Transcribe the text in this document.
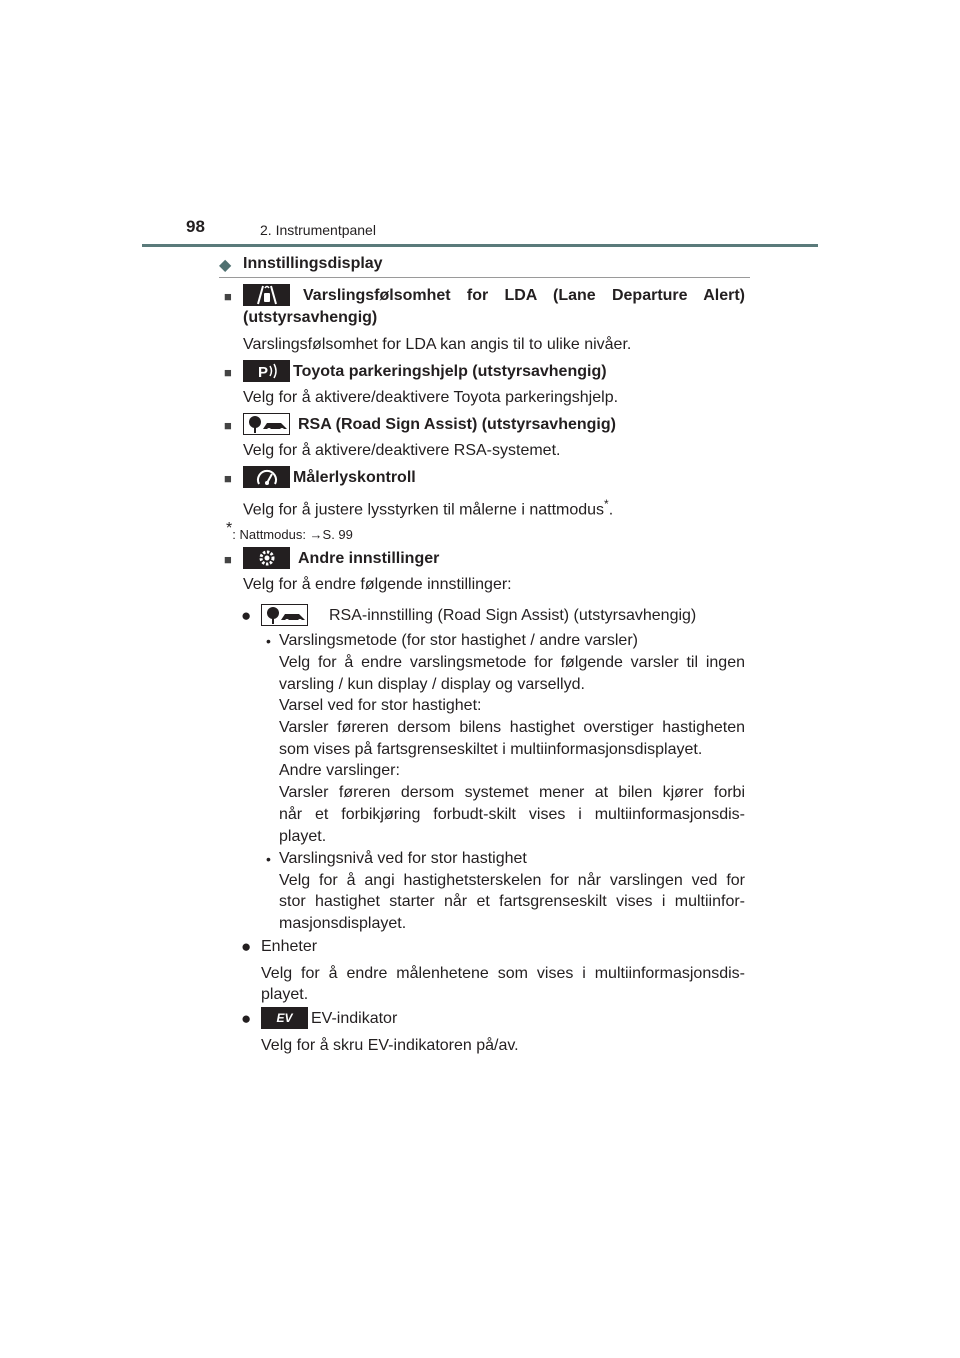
98	2. Instrumentpanel
◆ Innstillingsdisplay
■	Varslingsfølsomhet for LDA (Lane Departure Alert)
(utstyrsavhengig)
Varslingsfølsomhet for LDA kan angis til to ulike nivåer.
■ P Toyota parkeringshjelp (utstyrsavhengig)
Velg for å aktivere/deaktivere Toyota parkeringshjelp.
■	RSA (Road Sign Assist) (utstyrsavhengig)
Velg for å aktivere/deaktivere RSA-systemet.
■	Målerlyskontroll
Velg for å justere lysstyrken til målerne i nattmodus*.
*: Nattmodus: →S. 99
■	Andre innstillinger
Velg for å endre følgende innstillinger:
●	RSA-innstilling (Road Sign Assist) (utstyrsavhengig)
• Varslingsmetode (for stor hastighet / andre varsler)
Velg for å endre varslingsmetode for følgende varsler til ingen
varsling / kun display / display og varsellyd.
Varsel ved for stor hastighet:
Varsler føreren dersom bilens hastighet overstiger hastigheten
som vises på fartsgrenseskiltet i multiinformasjonsdisplayet.
Andre varslinger:
Varsler føreren dersom systemet mener at bilen kjører forbi
når et forbikjøring forbudt-skilt vises i multiinformasjonsdis-
playet.
• Varslingsnivå ved for stor hastighet
Velg for å angi hastighetsterskelen for når varslingen ved for
stor hastighet starter når et fartsgrenseskilt vises i multiinfor-
masjonsdisplayet.
● Enheter
Velg for å endre målenhetene som vises i multiinformasjonsdis-
playet.
●	EV	EV-indikator
Velg for å skru EV-indikatoren på/av.
